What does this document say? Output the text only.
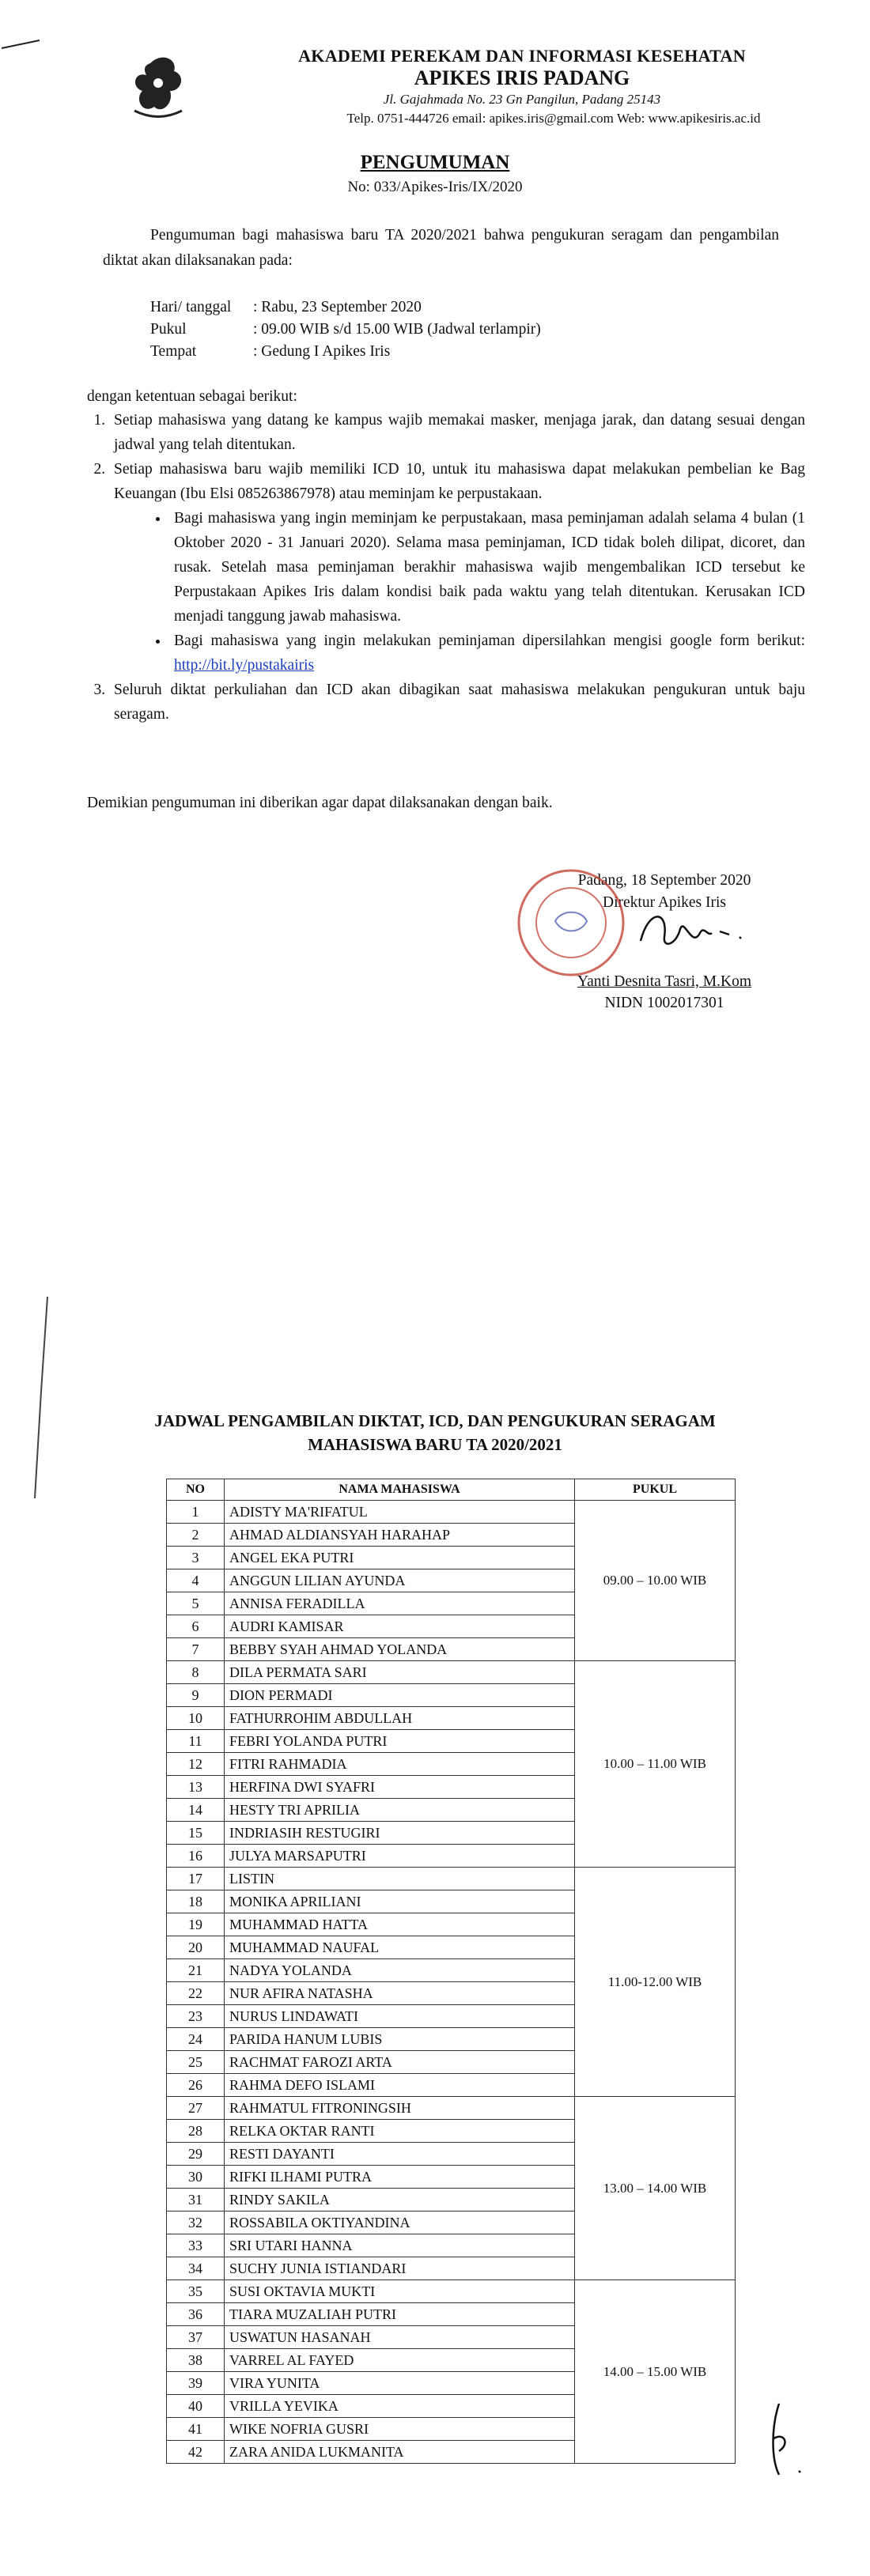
AKADEMI PEREKAM DAN INFORMASI KESEHATAN
APIKES IRIS PADANG
Jl. Gajahmada No. 23 Gn Pangilun, Padang 25143
Telp. 0751-444726 email: apikes.iris@gmail.com Web: www.apikesiris.ac.id
PENGUMUMAN
No: 033/Apikes-Iris/IX/2020
Pengumuman bagi mahasiswa baru TA 2020/2021 bahwa pengukuran seragam dan pengambilan diktat akan dilaksanakan pada:
Hari/ tanggal : Rabu, 23 September 2020
Pukul	: 09.00 WIB s/d 15.00 WIB (Jadwal terlampir)
Tempat	: Gedung I Apikes Iris
dengan ketentuan sebagai berikut:
1. Setiap mahasiswa yang datang ke kampus wajib memakai masker, menjaga jarak, dan datang sesuai dengan jadwal yang telah ditentukan.
2. Setiap mahasiswa baru wajib memiliki ICD 10, untuk itu mahasiswa dapat melakukan pembelian ke Bag Keuangan (Ibu Elsi 085263867978) atau meminjam ke perpustakaan.
• Bagi mahasiswa yang ingin meminjam ke perpustakaan, masa peminjaman adalah selama 4 bulan (1 Oktober 2020 - 31 Januari 2020). Selama masa peminjaman, ICD tidak boleh dilipat, dicoret, dan rusak. Setelah masa peminjaman berakhir mahasiswa wajib mengembalikan ICD tersebut ke Perpustakaan Apikes Iris dalam kondisi baik pada waktu yang telah ditentukan. Kerusakan ICD menjadi tanggung jawab mahasiswa.
• Bagi mahasiswa yang ingin melakukan peminjaman dipersilahkan mengisi google form berikut: http://bit.ly/pustakairis
3. Seluruh diktat perkuliahan dan ICD akan dibagikan saat mahasiswa melakukan pengukuran untuk baju seragam.
Demikian pengumuman ini diberikan agar dapat dilaksanakan dengan baik.
Padang, 18 September 2020
Direktur Apikes Iris
Yanti Desnita Tasri, M.Kom
NIDN 1002017301
JADWAL PENGAMBILAN DIKTAT, ICD, DAN PENGUKURAN SERAGAM
MAHASISWA BARU TA 2020/2021
NO	NAMA MAHASISWA	PUKUL
1	ADISTY MA'RIFATUL	09.00 – 10.00 WIB
2	AHMAD ALDIANSYAH HARAHAP	
3	ANGEL EKA PUTRI	
4	ANGGUN LILIAN AYUNDA	
5	ANNISA FERADILLA	
6	AUDRI KAMISAR	
7	BEBBY SYAH AHMAD YOLANDA	
8	DILA PERMATA SARI	10.00 – 11.00 WIB
9	DION PERMADI	
10	FATHURROHIM ABDULLAH	
11	FEBRI YOLANDA PUTRI	
12	FITRI RAHMADIA	
13	HERFINA DWI SYAFRI	
14	HESTY TRI APRILIA	
15	INDRIASIH RESTUGIRI	
16	JULYA MARSAPUTRI	
17	LISTIN	11.00-12.00 WIB
18	MONIKA APRILIANI	
19	MUHAMMAD HATTA	
20	MUHAMMAD NAUFAL	
21	NADYA YOLANDA	
22	NUR AFIRA NATASHA	
23	NURUS LINDAWATI	
24	PARIDA HANUM LUBIS	
25	RACHMAT FAROZI ARTA	
26	RAHMA DEFO ISLAMI	
27	RAHMATUL FITRONINGSIH	13.00 – 14.00 WIB
28	RELKA OKTAR RANTI	
29	RESTI DAYANTI	
30	RIFKI ILHAMI PUTRA	
31	RINDY SAKILA	
32	ROSSABILA OKTIYANDINA	
33	SRI UTARI HANNA	
34	SUCHY JUNIA ISTIANDARI	
35	SUSI OKTAVIA MUKTI	14.00 – 15.00 WIB
36	TIARA MUZALIAH PUTRI	
37	USWATUN HASANAH	
38	VARREL AL FAYED	
39	VIRA YUNITA	
40	VRILLA YEVIKA	
41	WIKE NOFRIA GUSRI	
42	ZARA ANIDA LUKMANITA	
